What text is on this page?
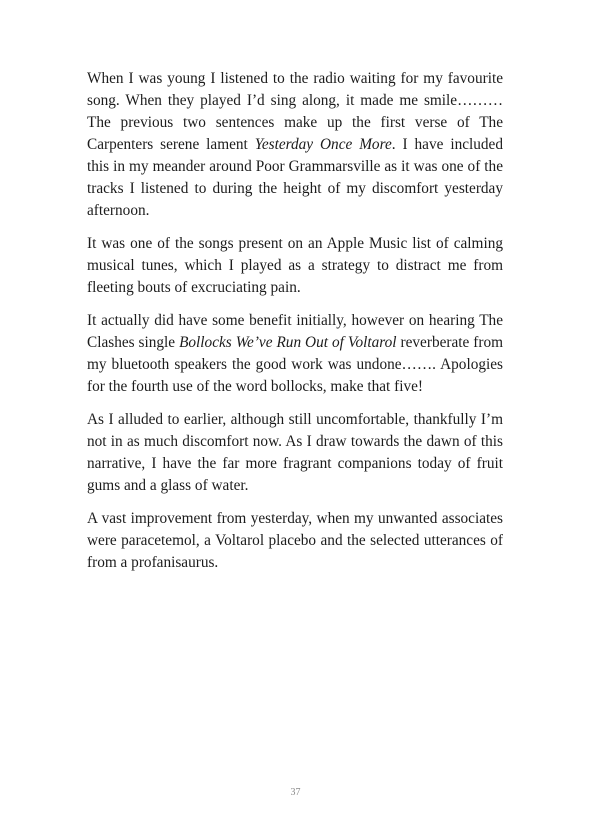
When I was young I listened to the radio waiting for my favourite song. When they played I’d sing along, it made me smile……… The previous two sentences make up the first verse of The Carpenters serene lament Yesterday Once More. I have included this in my meander around Poor Grammarsville as it was one of the tracks I listened to during the height of my discomfort yesterday afternoon.

It was one of the songs present on an Apple Music list of calming musical tunes, which I played as a strategy to distract me from fleeting bouts of excruciating pain.

It actually did have some benefit initially, however on hearing The Clashes single Bollocks We’ve Run Out of Voltarol reverberate from my bluetooth speakers the good work was undone……. Apologies for the fourth use of the word bollocks, make that five!

As I alluded to earlier, although still uncomfortable, thankfully I’m not in as much discomfort now. As I draw towards the dawn of this narrative, I have the far more fragrant companions today of fruit gums and a glass of water.

A vast improvement from yesterday, when my unwanted associates were paracetemol, a Voltarol placebo and the selected utterances of from a profanisaurus.

37
